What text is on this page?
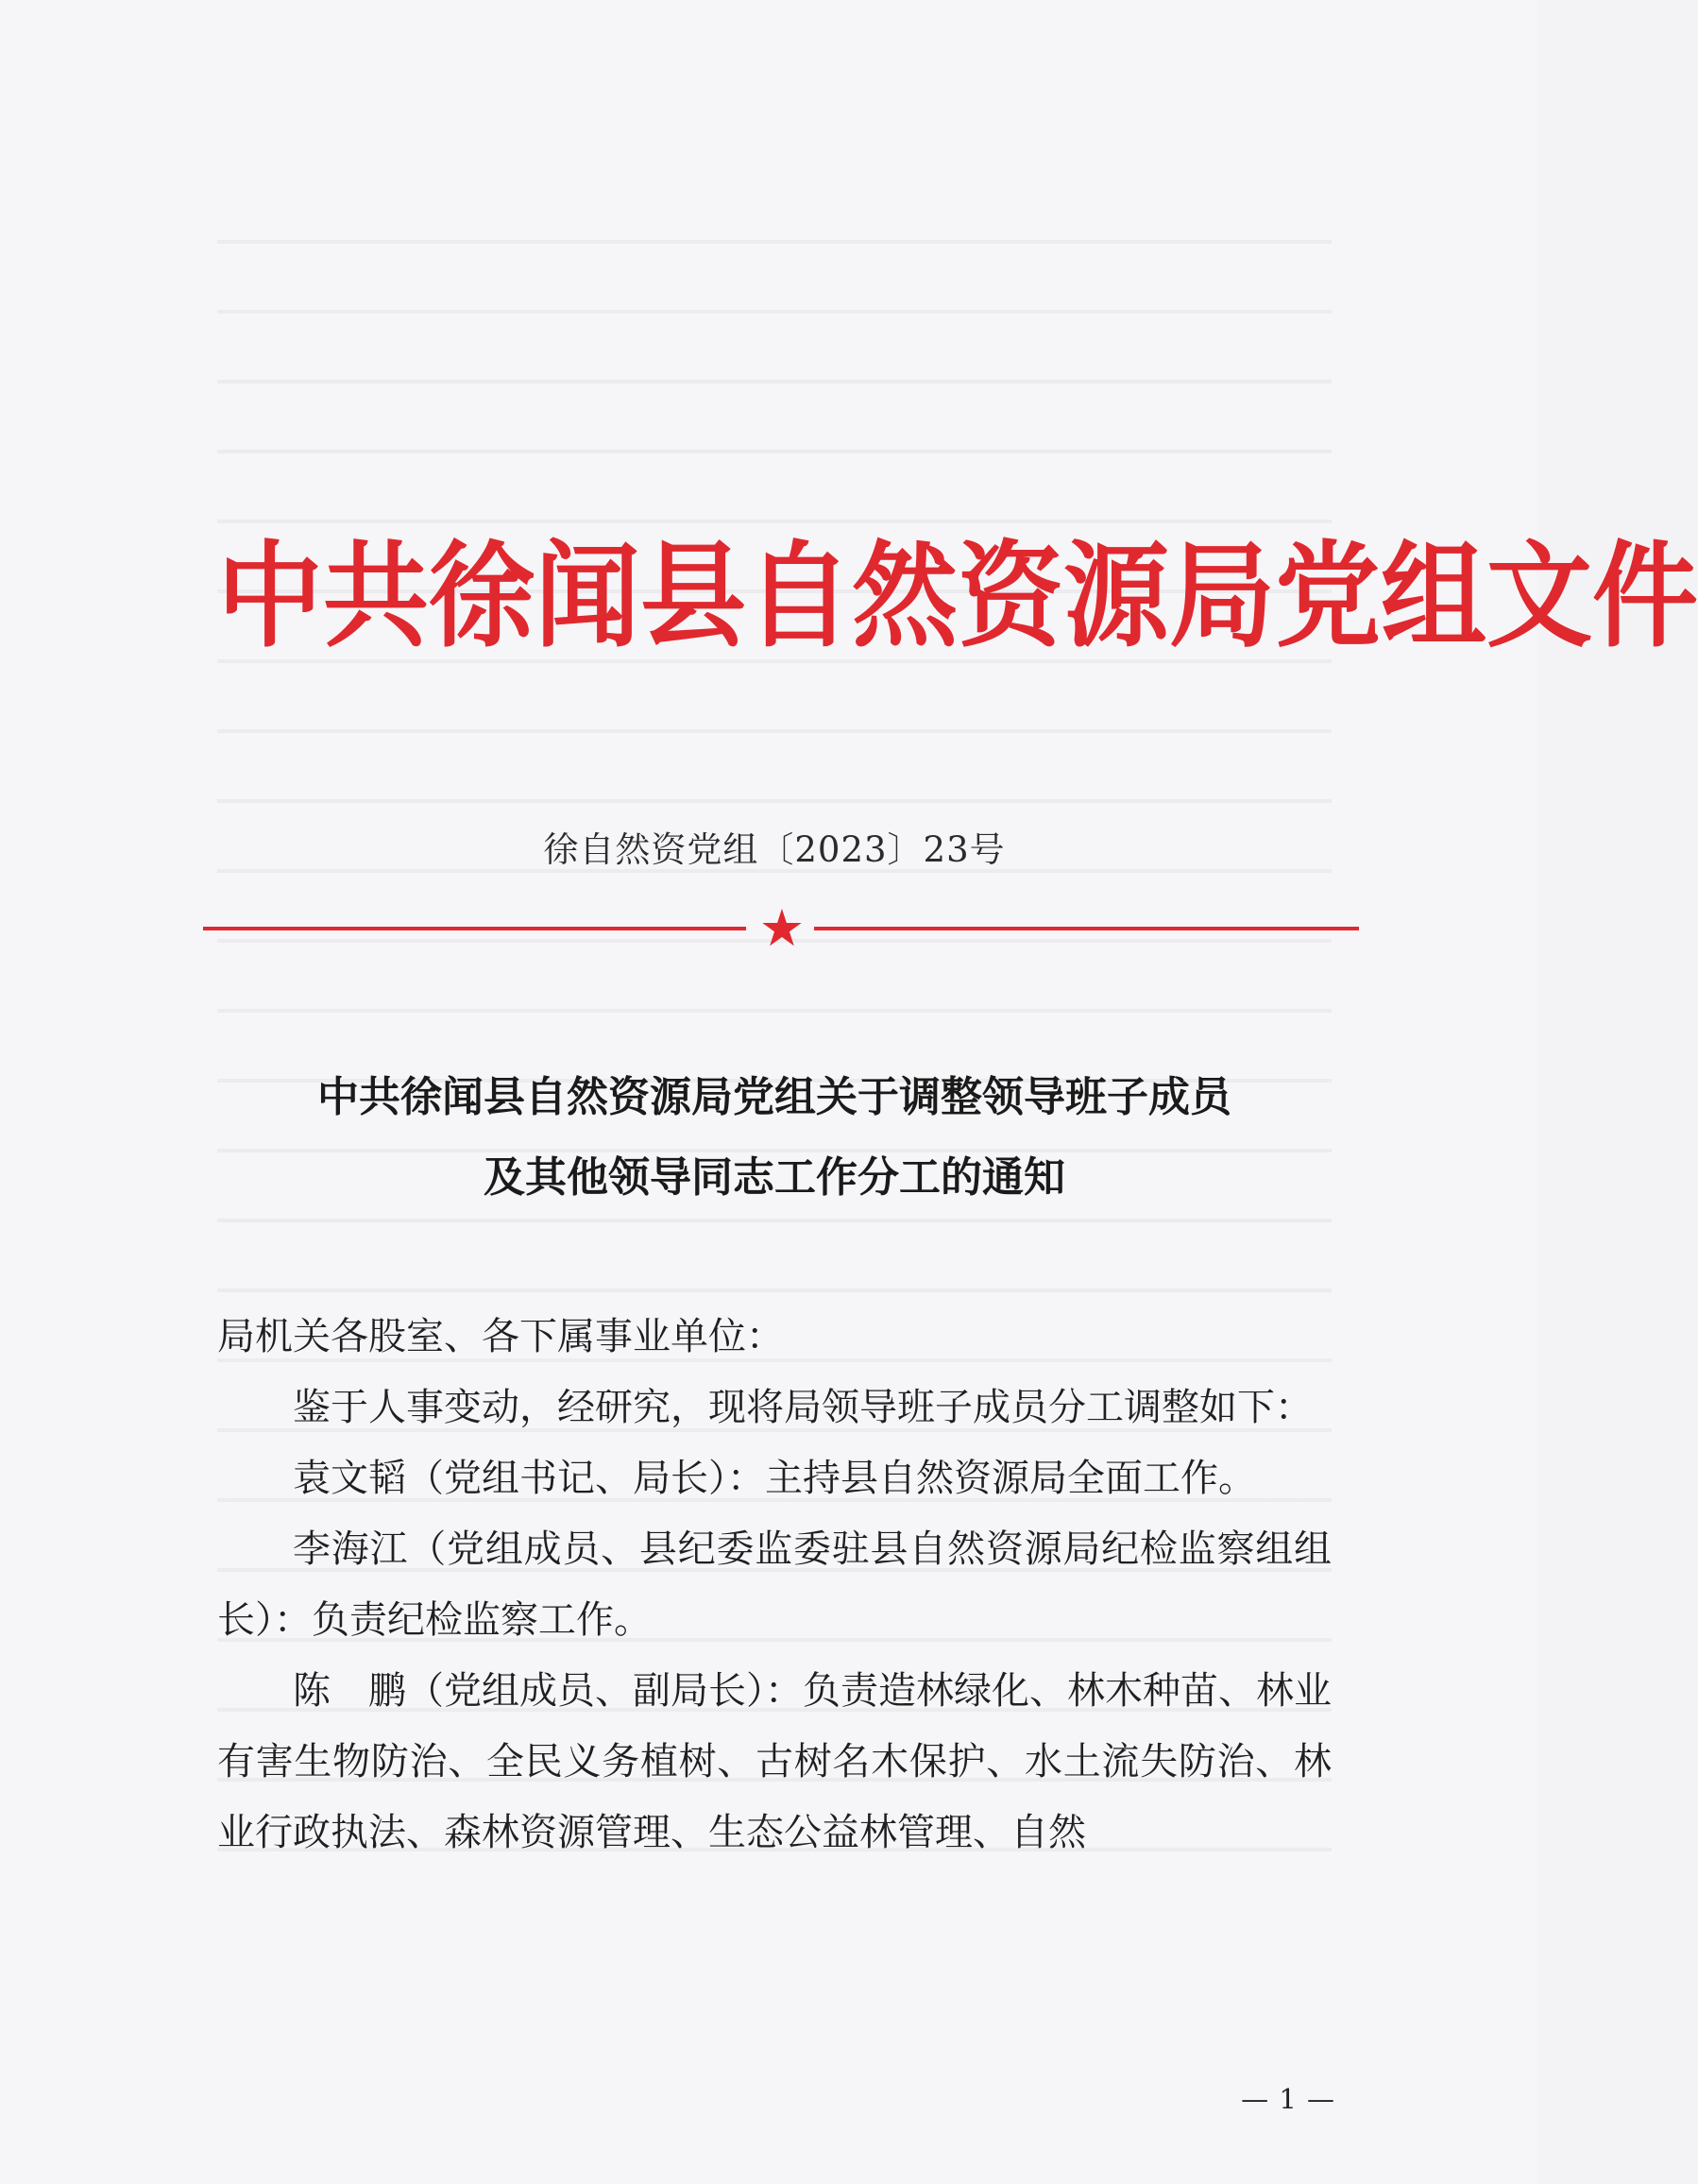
中共徐闻县自然资源局党组文件
徐自然资党组〔2023〕23号
★
中共徐闻县自然资源局党组关于调整领导班子成员
及其他领导同志工作分工的通知

局机关各股室、各下属事业单位：

鉴于人事变动，经研究，现将局领导班子成员分工调整如下：

袁文韬（党组书记、局长）：主持县自然资源局全面工作。

李海江（党组成员、县纪委监委驻县自然资源局纪检监察组组长）：负责纪检监察工作。

陈　鹏（党组成员、副局长）：负责造林绿化、林木种苗、林业有害生物防治、全民义务植树、古树名木保护、水土流失防治、林业行政执法、森林资源管理、生态公益林管理、自然

— 1 —
